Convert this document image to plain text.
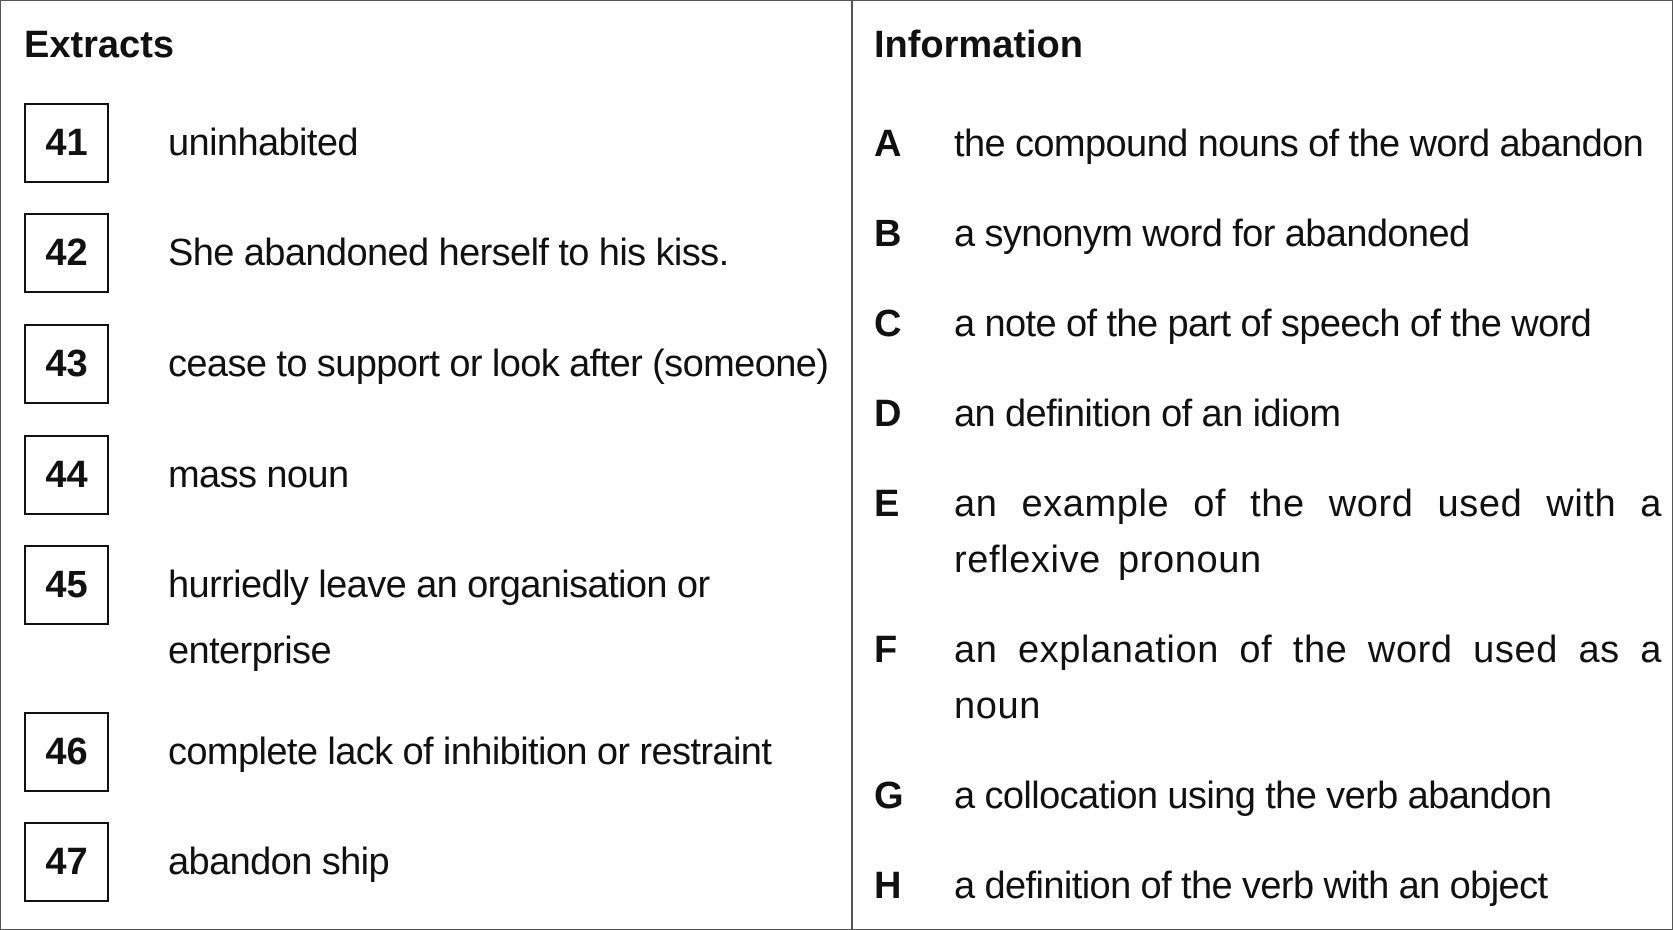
Extracts
41	uninhabited
42	She abandoned herself to his kiss.
43	cease to support or look after (someone)
44	mass noun
45	hurriedly leave an organisation or enterprise
46	complete lack of inhibition or restraint
47	abandon ship
Information
A the compound nouns of the word abandon
B a synonym word for abandoned
C a note of the part of speech of the word
D an definition of an idiom
E an example of the word used with a reflexive pronoun
F an explanation of the word used as a noun
G a collocation using the verb abandon
H a definition of the verb with an object
